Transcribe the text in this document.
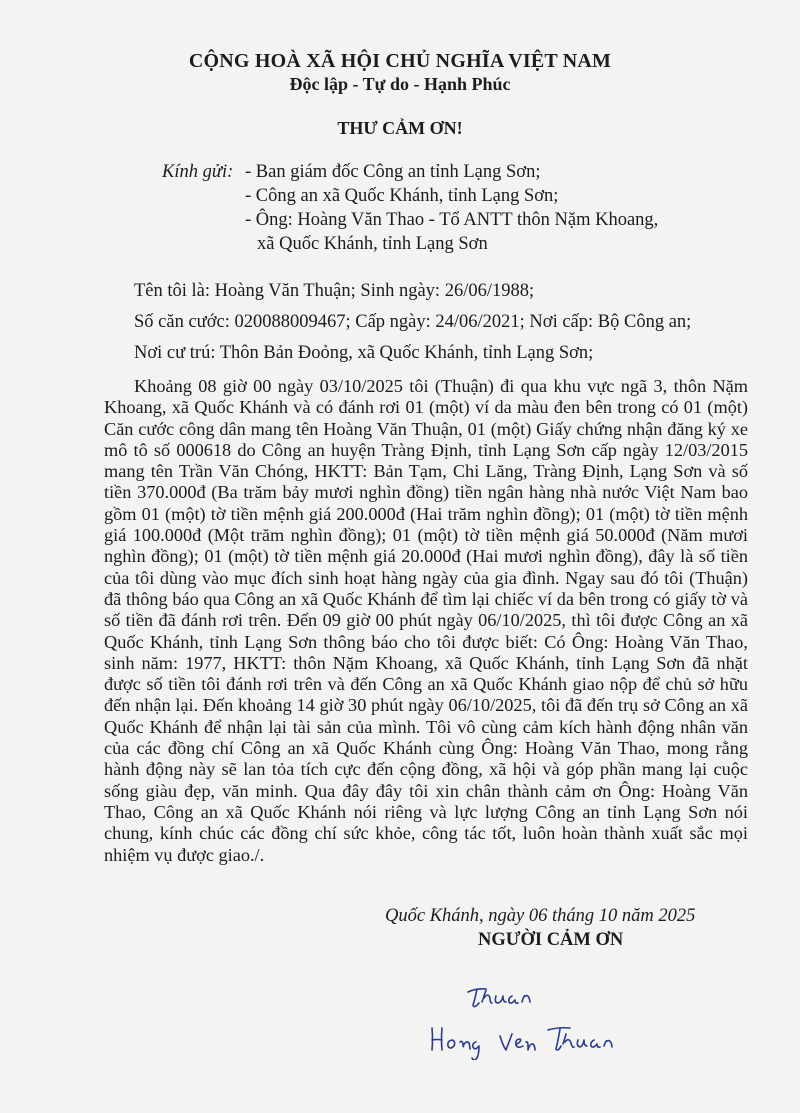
CỘNG HOÀ XÃ HỘI CHỦ NGHĨA VIỆT NAM
Độc lập - Tự do - Hạnh Phúc
THƯ CẢM ƠN!
Kính gửi: - Ban giám đốc Công an tỉnh Lạng Sơn;
- Công an xã Quốc Khánh, tỉnh Lạng Sơn;
- Ông: Hoàng Văn Thao - Tổ ANTT thôn Nặm Khoang,
xã Quốc Khánh, tỉnh Lạng Sơn
Tên tôi là: Hoàng Văn Thuận; Sinh ngày: 26/06/1988;
Số căn cước: 020088009467; Cấp ngày: 24/06/2021; Nơi cấp: Bộ Công an;
Nơi cư trú: Thôn Bản Đoỏng, xã Quốc Khánh, tỉnh Lạng Sơn;
Khoảng 08 giờ 00 ngày 03/10/2025 tôi (Thuận) đi qua khu vực ngã 3, thôn Nặm Khoang, xã Quốc Khánh và có đánh rơi 01 (một) ví da màu đen bên trong có 01 (một) Căn cước công dân mang tên Hoàng Văn Thuận, 01 (một) Giấy chứng nhận đăng ký xe mô tô số 000618 do Công an huyện Tràng Định, tỉnh Lạng Sơn cấp ngày 12/03/2015 mang tên Trần Văn Chóng, HKTT: Bản Tạm, Chi Lăng, Tràng Định, Lạng Sơn và số tiền 370.000đ (Ba trăm bảy mươi nghìn đồng) tiền ngân hàng nhà nước Việt Nam bao gồm 01 (một) tờ tiền mệnh giá 200.000đ (Hai trăm nghìn đồng); 01 (một) tờ tiền mệnh giá 100.000đ (Một trăm nghìn đồng); 01 (một) tờ tiền mệnh giá 50.000đ (Năm mươi nghìn đồng); 01 (một) tờ tiền mệnh giá 20.000đ (Hai mươi nghìn đồng), đây là số tiền của tôi dùng vào mục đích sinh hoạt hàng ngày của gia đình. Ngay sau đó tôi (Thuận) đã thông báo qua Công an xã Quốc Khánh để tìm lại chiếc ví da bên trong có giấy tờ và số tiền đã đánh rơi trên. Đến 09 giờ 00 phút ngày 06/10/2025, thì tôi được Công an xã Quốc Khánh, tỉnh Lạng Sơn thông báo cho tôi được biết: Có Ông: Hoàng Văn Thao, sinh năm: 1977, HKTT: thôn Nặm Khoang, xã Quốc Khánh, tỉnh Lạng Sơn đã nhặt được số tiền tôi đánh rơi trên và đến Công an xã Quốc Khánh giao nộp để chủ sở hữu đến nhận lại. Đến khoảng 14 giờ 30 phút ngày 06/10/2025, tôi đã đến trụ sở Công an xã Quốc Khánh để nhận lại tài sản của mình. Tôi vô cùng cảm kích hành động nhân văn của các đồng chí Công an xã Quốc Khánh cùng Ông: Hoàng Văn Thao, mong rằng hành động này sẽ lan tỏa tích cực đến cộng đồng, xã hội và góp phần mang lại cuộc sống giàu đẹp, văn minh. Qua đây đây tôi xin chân thành cảm ơn Ông: Hoàng Văn Thao, Công an xã Quốc Khánh nói riêng và lực lượng Công an tỉnh Lạng Sơn nói chung, kính chúc các đồng chí sức khỏe, công tác tốt, luôn hoàn thành xuất sắc mọi nhiệm vụ được giao./.
Quốc Khánh, ngày 06 tháng 10 năm 2025
NGƯỜI CẢM ƠN
